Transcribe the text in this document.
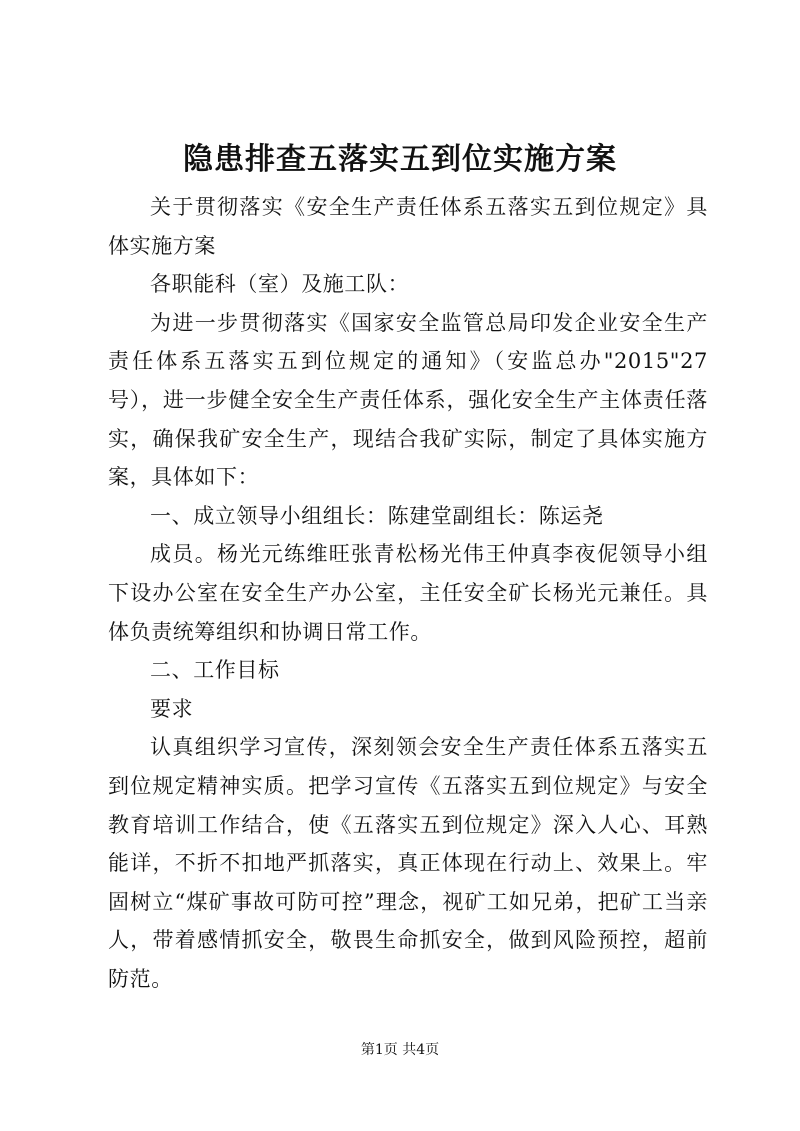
隐患排查五落实五到位实施方案

关于贯彻落实《安全生产责任体系五落实五到位规定》具体实施方案

各职能科（室）及施工队：

为进一步贯彻落实《国家安全监管总局印发企业安全生产责任体系五落实五到位规定的通知》（安监总办"2015"27号），进一步健全安全生产责任体系，强化安全生产主体责任落实，确保我矿安全生产，现结合我矿实际，制定了具体实施方案，具体如下：

一、成立领导小组组长：陈建堂副组长：陈运尧

成员。杨光元练维旺张青松杨光伟王仲真李夜伲领导小组下设办公室在安全生产办公室，主任安全矿长杨光元兼任。具体负责统筹组织和协调日常工作。

二、工作目标

要求

认真组织学习宣传，深刻领会安全生产责任体系五落实五到位规定精神实质。把学习宣传《五落实五到位规定》与安全教育培训工作结合，使《五落实五到位规定》深入人心、耳熟能详，不折不扣地严抓落实，真正体现在行动上、效果上。牢固树立“煤矿事故可防可控”理念，视矿工如兄弟，把矿工当亲人，带着感情抓安全，敬畏生命抓安全，做到风险预控，超前防范。

第1页 共4页
